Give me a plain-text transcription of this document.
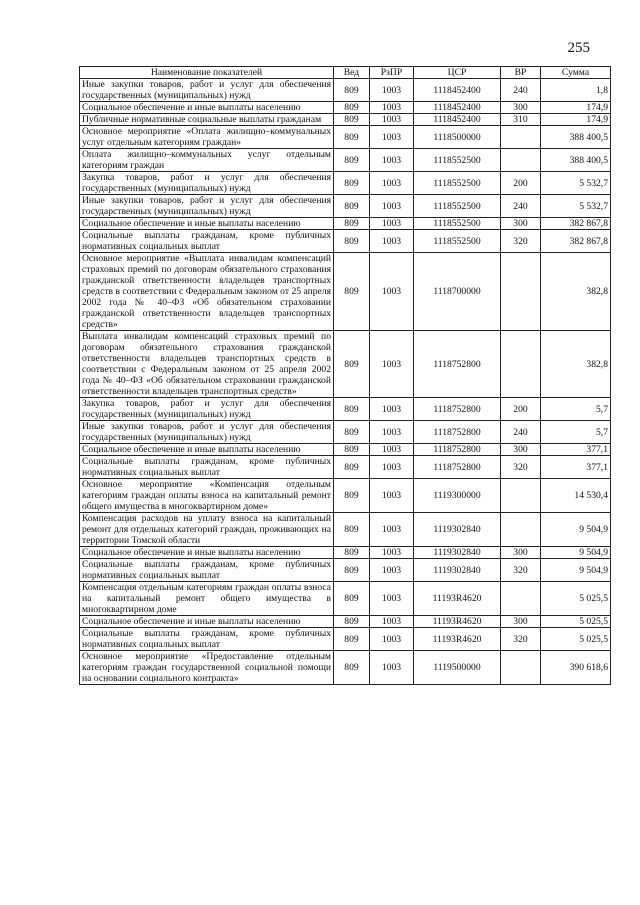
255
Наименование показателей	Вед	РзПР	ЦСР	ВР	Сумма
Иные закупки товаров, работ и услуг для обеспечения государственных (муниципальных) нужд	809	1003	1118452400	240	1,8
Социальное обеспечение и иные выплаты населению	809	1003	1118452400	300	174,9
Публичные нормативные социальные выплаты гражданам	809	1003	1118452400	310	174,9
Основное мероприятие «Оплата жилищно–коммунальных услуг отдельным категориям граждан»	809	1003	1118500000		388 400,5
Оплата жилищно–коммунальных услуг отдельным категориям граждан	809	1003	1118552500		388 400,5
Закупка товаров, работ и услуг для обеспечения государственных (муниципальных) нужд	809	1003	1118552500	200	5 532,7
Иные закупки товаров, работ и услуг для обеспечения государственных (муниципальных) нужд	809	1003	1118552500	240	5 532,7
Социальное обеспечение и иные выплаты населению	809	1003	1118552500	300	382 867,8
Социальные выплаты гражданам, кроме публичных нормативных социальных выплат	809	1003	1118552500	320	382 867,8
Основное мероприятие «Выплата инвалидам компенсаций страховых премий по договорам обязательного страхования гражданской ответственности владельцев транспортных средств в соответствии с Федеральным законом от 25 апреля 2002 года № 40–ФЗ «Об обязательном страховании гражданской ответственности владельцев транспортных средств»	809	1003	1118700000		382,8
Выплата инвалидам компенсаций страховых премий по договорам обязательного страхования гражданской ответственности владельцев транспортных средств в соответствии с Федеральным законом от 25 апреля 2002 года № 40–ФЗ «Об обязательном страховании гражданской ответственности владельцев транспортных средств»	809	1003	1118752800		382,8
Закупка товаров, работ и услуг для обеспечения государственных (муниципальных) нужд	809	1003	1118752800	200	5,7
Иные закупки товаров, работ и услуг для обеспечения государственных (муниципальных) нужд	809	1003	1118752800	240	5,7
Социальное обеспечение и иные выплаты населению	809	1003	1118752800	300	377,1
Социальные выплаты гражданам, кроме публичных нормативных социальных выплат	809	1003	1118752800	320	377,1
Основное мероприятие «Компенсация отдельным категориям граждан оплаты взноса на капитальный ремонт общего имущества в многоквартирном доме»	809	1003	1119300000		14 530,4
Компенсация расходов на уплату взноса на капитальный ремонт для отдельных категорий граждан, проживающих на территории Томской области	809	1003	1119302840		9 504,9
Социальное обеспечение и иные выплаты населению	809	1003	1119302840	300	9 504,9
Социальные выплаты гражданам, кроме публичных нормативных социальных выплат	809	1003	1119302840	320	9 504,9
Компенсация отдельным категориям граждан оплаты взноса на капитальный ремонт общего имущества в многоквартирном доме	809	1003	11193R4620		5 025,5
Социальное обеспечение и иные выплаты населению	809	1003	11193R4620	300	5 025,5
Социальные выплаты гражданам, кроме публичных нормативных социальных выплат	809	1003	11193R4620	320	5 025,5
Основное мероприятие «Предоставление отдельным категориям граждан государственной социальной помощи на основании социального контракта»	809	1003	1119500000		390 618,6
